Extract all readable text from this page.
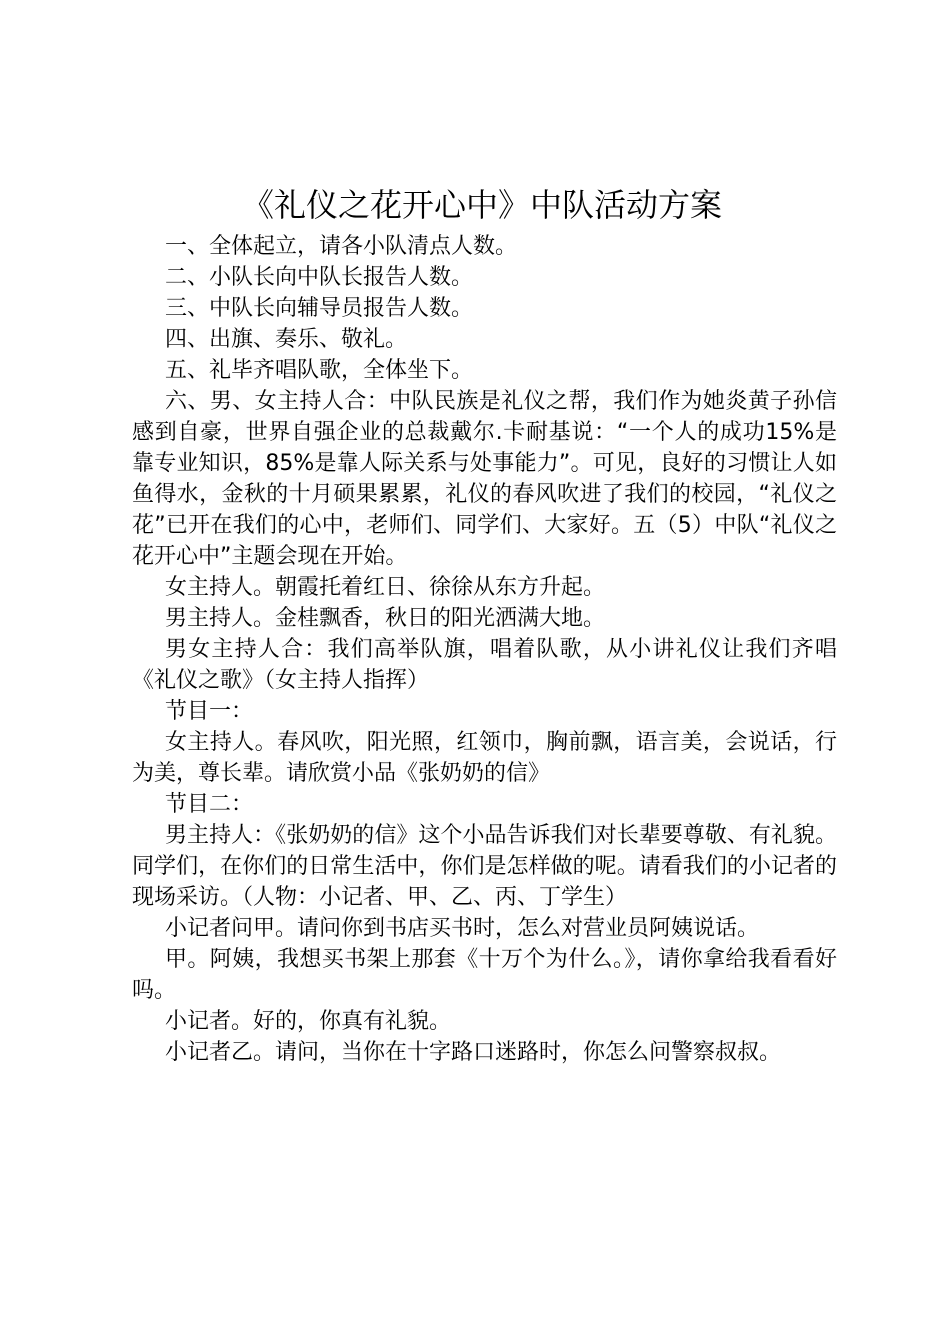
《礼仪之花开心中》中队活动方案

一、全体起立，请各小队清点人数。

二、小队长向中队长报告人数。

三、中队长向辅导员报告人数。

四、出旗、奏乐、敬礼。

五、礼毕齐唱队歌，全体坐下。

六、男、女主持人合：中队民族是礼仪之帮，我们作为她炎黄子孙信感到自豪，世界自强企业的总裁戴尔.卡耐基说：“一个人的成功15%是靠专业知识，85%是靠人际关系与处事能力”。可见，良好的习惯让人如鱼得水，金秋的十月硕果累累，礼仪的春风吹进了我们的校园，“礼仪之花”已开在我们的心中，老师们、同学们、大家好。五（5）中队“礼仪之花开心中”主题会现在开始。

女主持人。朝霞托着红日、徐徐从东方升起。

男主持人。金桂飘香，秋日的阳光洒满大地。

男女主持人合：我们高举队旗，唱着队歌，从小讲礼仪让我们齐唱《礼仪之歌》（女主持人指挥）

节目一：

女主持人。春风吹，阳光照，红领巾，胸前飘，语言美，会说话，行为美，尊长辈。请欣赏小品《张奶奶的信》

节目二：

男主持人：《张奶奶的信》这个小品告诉我们对长辈要尊敬、有礼貌。同学们，在你们的日常生活中，你们是怎样做的呢。请看我们的小记者的现场采访。（人物：小记者、甲、乙、丙、丁学生）

小记者问甲。请问你到书店买书时，怎么对营业员阿姨说话。

甲。阿姨，我想买书架上那套《十万个为什么。》，请你拿给我看看好吗。

小记者。好的，你真有礼貌。

小记者乙。请问，当你在十字路口迷路时，你怎么问警察叔叔。
